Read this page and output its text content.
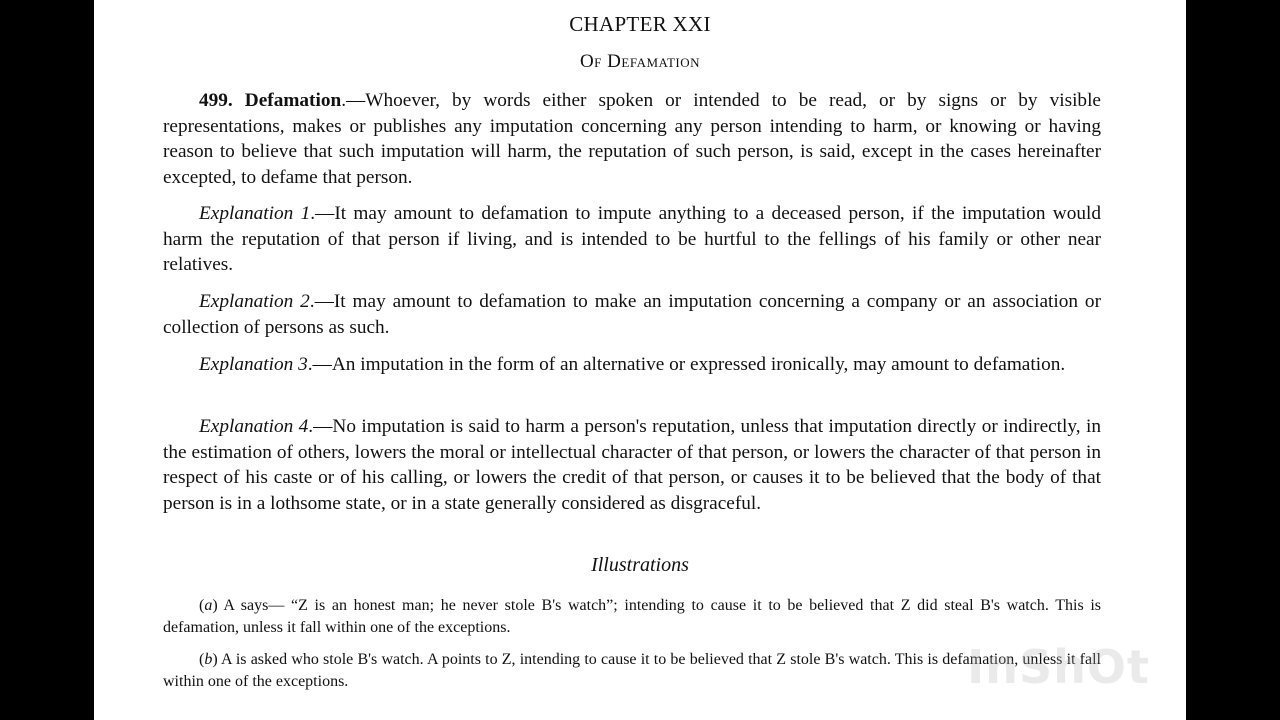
CHAPTER XXI
Of Defamation

499. Defamation.—Whoever, by words either spoken or intended to be read, or by signs or by visible representations, makes or publishes any imputation concerning any person intending to harm, or knowing or having reason to believe that such imputation will harm, the reputation of such person, is said, except in the cases hereinafter excepted, to defame that person.

Explanation 1.—It may amount to defamation to impute anything to a deceased person, if the imputation would harm the reputation of that person if living, and is intended to be hurtful to the fellings of his family or other near relatives.

Explanation 2.—It may amount to defamation to make an imputation concerning a company or an association or collection of persons as such.

Explanation 3.—An imputation in the form of an alternative or expressed ironically, may amount to defamation.

Explanation 4.—No imputation is said to harm a person's reputation, unless that imputation directly or indirectly, in the estimation of others, lowers the moral or intellectual character of that person, or lowers the character of that person in respect of his caste or of his calling, or lowers the credit of that person, or causes it to be believed that the body of that person is in a lothsome state, or in a state generally considered as disgraceful.

Illustrations

(a) A says— “Z is an honest man; he never stole B's watch”; intending to cause it to be believed that Z did steal B's watch. This is defamation, unless it fall within one of the exceptions.

(b) A is asked who stole B's watch. A points to Z, intending to cause it to be believed that Z stole B's watch. This is defamation, unless it fall within one of the exceptions.	InShOt
